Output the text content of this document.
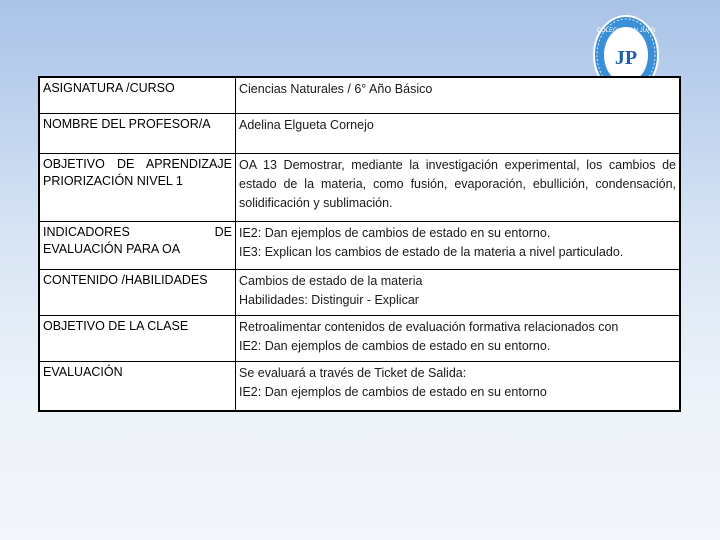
COLEGIO SAN JUAN
JP
ASIGNATURA /CURSO	Ciencias Naturales / 6° Año Básico
NOMBRE DEL PROFESOR/A	Adelina Elgueta Cornejo
OBJETIVO DE APRENDIZAJE PRIORIZACIÓN NIVEL 1	OA 13 Demostrar, mediante la investigación experimental, los cambios de estado de la materia, como fusión, evaporación, ebullición, condensación, solidificación y sublimación.
INDICADORES DE EVALUACIÓN PARA OA	IE2: Dan ejemplos de cambios de estado en su entorno.
IE3: Explican los cambios de estado de la materia a nivel particulado.

CONTENIDO /HABILIDADES	Cambios de estado de la materia
Habilidades: Distinguir - Explicar

OBJETIVO DE LA CLASE	Retroalimentar contenidos de evaluación formativa relacionados con
IE2: Dan ejemplos de cambios de estado en su entorno.

EVALUACIÓN	Se evaluará a través de Ticket de Salida:
IE2: Dan ejemplos de cambios de estado en su entorno
